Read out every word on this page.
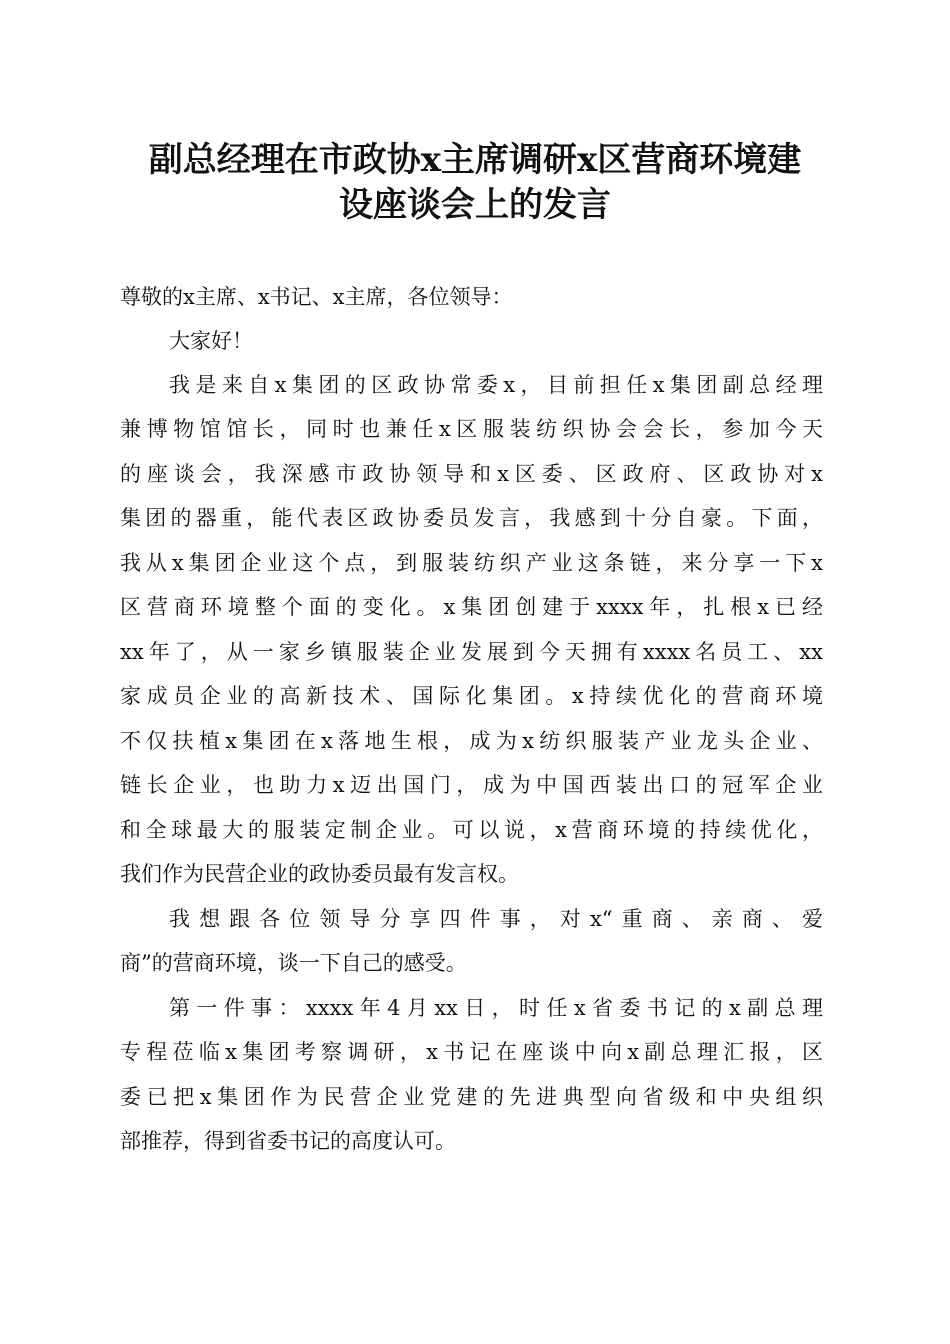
副总经理在市政协x主席调研x区营商环境建
设座谈会上的发言
尊敬的x主席、x书记、x主席，各位领导：
大家好！
我是来自x集团的区政协常委x，目前担任x集团副总经理
兼博物馆馆长，同时也兼任x区服装纺织协会会长，参加今天
的座谈会，我深感市政协领导和x区委、区政府、区政协对x
集团的器重，能代表区政协委员发言，我感到十分自豪。下面，
我从x集团企业这个点，到服装纺织产业这条链，来分享一下x
区营商环境整个面的变化。x集团创建于xxxx年，扎根x已经
xx年了，从一家乡镇服装企业发展到今天拥有xxxx名员工、xx
家成员企业的高新技术、国际化集团。x持续优化的营商环境
不仅扶植x集团在x落地生根，成为x纺织服装产业龙头企业、
链长企业，也助力x迈出国门，成为中国西装出口的冠军企业
和全球最大的服装定制企业。可以说，x营商环境的持续优化，
我们作为民营企业的政协委员最有发言权。
我想跟各位领导分享四件事，对x“重商、亲商、爱
商”的营商环境，谈一下自己的感受。
第一件事：xxxx年4月xx日，时任x省委书记的x副总理
专程莅临x集团考察调研，x书记在座谈中向x副总理汇报，区
委已把x集团作为民营企业党建的先进典型向省级和中央组织
部推荐，得到省委书记的高度认可。
